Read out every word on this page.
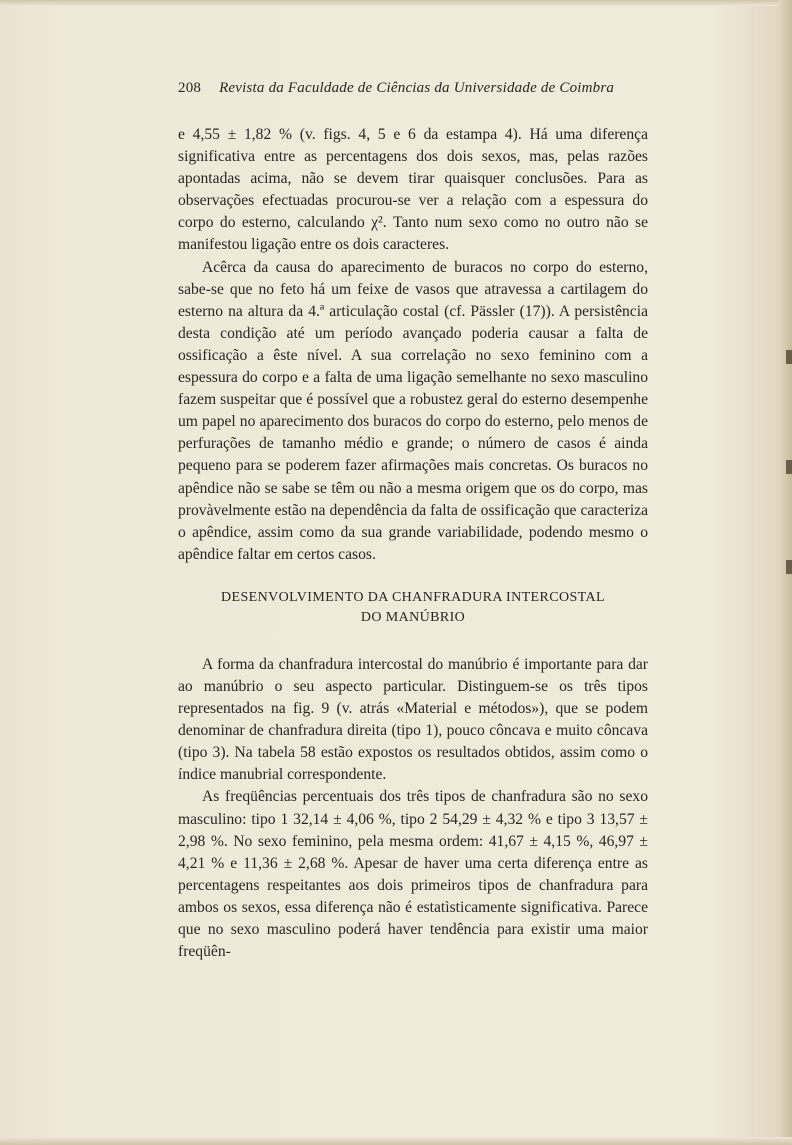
208 Revista da Faculdade de Ciências da Universidade de Coimbra

e 4,55 ± 1,82 % (v. figs. 4, 5 e 6 da estampa 4). Há uma diferença significativa entre as percentagens dos dois sexos, mas, pelas razões apontadas acima, não se devem tirar quaisquer conclusões. Para as observações efectuadas procurou-se ver a relação com a espessura do corpo do esterno, calculando χ². Tanto num sexo como no outro não se manifestou ligação entre os dois caracteres.

Acêrca da causa do aparecimento de buracos no corpo do esterno, sabe-se que no feto há um feixe de vasos que atravessa a cartilagem do esterno na altura da 4.ª articulação costal (cf. Pässler (17)). A persistência desta condição até um período avançado poderia causar a falta de ossificação a êste nível. A sua correlação no sexo feminino com a espessura do corpo e a falta de uma ligação semelhante no sexo masculino fazem suspeitar que é possível que a robustez geral do esterno desempenhe um papel no aparecimento dos buracos do corpo do esterno, pelo menos de perfurações de tamanho médio e grande; o número de casos é ainda pequeno para se poderem fazer afirmações mais concretas. Os buracos no apêndice não se sabe se têm ou não a mesma origem que os do corpo, mas provàvelmente estão na dependência da falta de ossificação que caracteriza o apêndice, assim como da sua grande variabilidade, podendo mesmo o apêndice faltar em certos casos.

DESENVOLVIMENTO DA CHANFRADURA INTERCOSTAL
DO MANÚBRIO

A forma da chanfradura intercostal do manúbrio é importante para dar ao manúbrio o seu aspecto particular. Distinguem-se os três tipos representados na fig. 9 (v. atrás «Material e métodos»), que se podem denominar de chanfradura direita (tipo 1), pouco côncava e muito côncava (tipo 3). Na tabela 58 estão expostos os resultados obtidos, assim como o índice manubrial correspondente.

As freqüências percentuais dos três tipos de chanfradura são no sexo masculino: tipo 1 32,14 ± 4,06 %, tipo 2 54,29 ± 4,32 % e tipo 3 13,57 ± 2,98 %. No sexo feminino, pela mesma ordem: 41,67 ± 4,15 %, 46,97 ± 4,21 % e 11,36 ± 2,68 %. Apesar de haver uma certa diferença entre as percentagens respeitantes aos dois primeiros tipos de chanfradura para ambos os sexos, essa diferença não é estatìsticamente significativa. Parece que no sexo masculino poderá haver tendência para existir uma maior freqüên-
